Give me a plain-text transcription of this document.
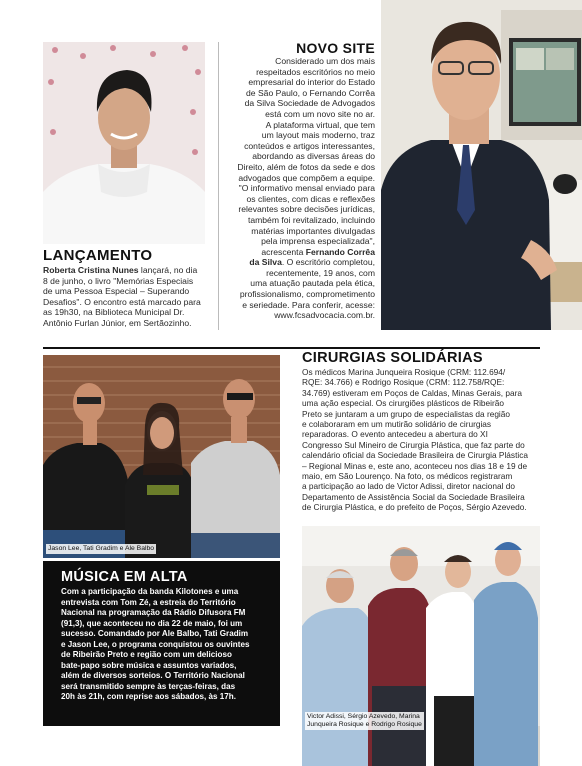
LANÇAMENTO
Roberta Cristina Nunes lançará, no dia
8 de junho, o livro "Memórias Especiais
de uma Pessoa Especial – Superando
Desafios". O encontro está marcado para
as 19h30, na Biblioteca Municipal Dr.
Antônio Furlan Júnior, em Sertãozinho.
NOVO SITE
Considerado um dos mais
respeitados escritórios no meio
empresarial do interior do Estado
de São Paulo, o Fernando Corrêa
da Silva Sociedade de Advogados
está com um novo site no ar.
A plataforma virtual, que tem
um layout mais moderno, traz
conteúdos e artigos interessantes,
abordando as diversas áreas do
Direito, além de fotos da sede e dos
advogados que compõem a equipe.
"O informativo mensal enviado para
os clientes, com dicas e reflexões
relevantes sobre decisões jurídicas,
também foi revitalizado, incluindo
matérias importantes divulgadas
pela imprensa especializada",
acrescenta Fernando Corrêa
da Silva. O escritório completou,
recentemente, 19 anos, com
uma atuação pautada pela ética,
profissionalismo, comprometimento
e seriedade. Para conferir, acesse:
www.fcsadvocacia.com.br.
Jason Lee, Tati Gradim e Ale Balbo
MÚSICA EM ALTA
Com a participação da banda Kilotones e uma
entrevista com Tom Zé, a estreia do Território
Nacional na programação da Rádio Difusora FM
(91,3), que aconteceu no dia 22 de maio, foi um
sucesso. Comandado por Ale Balbo, Tati Gradim
e Jason Lee, o programa conquistou os ouvintes
de Ribeirão Preto e região com um delicioso
bate-papo sobre música e assuntos variados,
além de diversos sorteios. O Território Nacional
será transmitido sempre às terças-feiras, das
20h às 21h, com reprise aos sábados, às 17h.
CIRURGIAS SOLIDÁRIAS
Os médicos Marina Junqueira Rosique (CRM: 112.694/
RQE: 34.766) e Rodrigo Rosique (CRM: 112.758/RQE:
34.769) estiveram em Poços de Caldas, Minas Gerais, para
uma ação especial. Os cirurgiões plásticos de Ribeirão
Preto se juntaram a um grupo de especialistas da região
e colaboraram em um mutirão solidário de cirurgias
reparadoras. O evento antecedeu a abertura do XI
Congresso Sul Mineiro de Cirurgia Plástica, que faz parte do
calendário oficial da Sociedade Brasileira de Cirurgia Plástica
– Regional Minas e, este ano, aconteceu nos dias 18 e 19 de
maio, em São Lourenço. Na foto, os médicos registraram
a participação ao lado de Victor Adissi, diretor nacional do
Departamento de Assistência Social da Sociedade Brasileira
de Cirurgia Plástica, e do prefeito de Poços, Sérgio Azevedo.
Victor Adissi, Sérgio Azevedo, Marina
Junqueira Rosique e Rodrigo Rosique
